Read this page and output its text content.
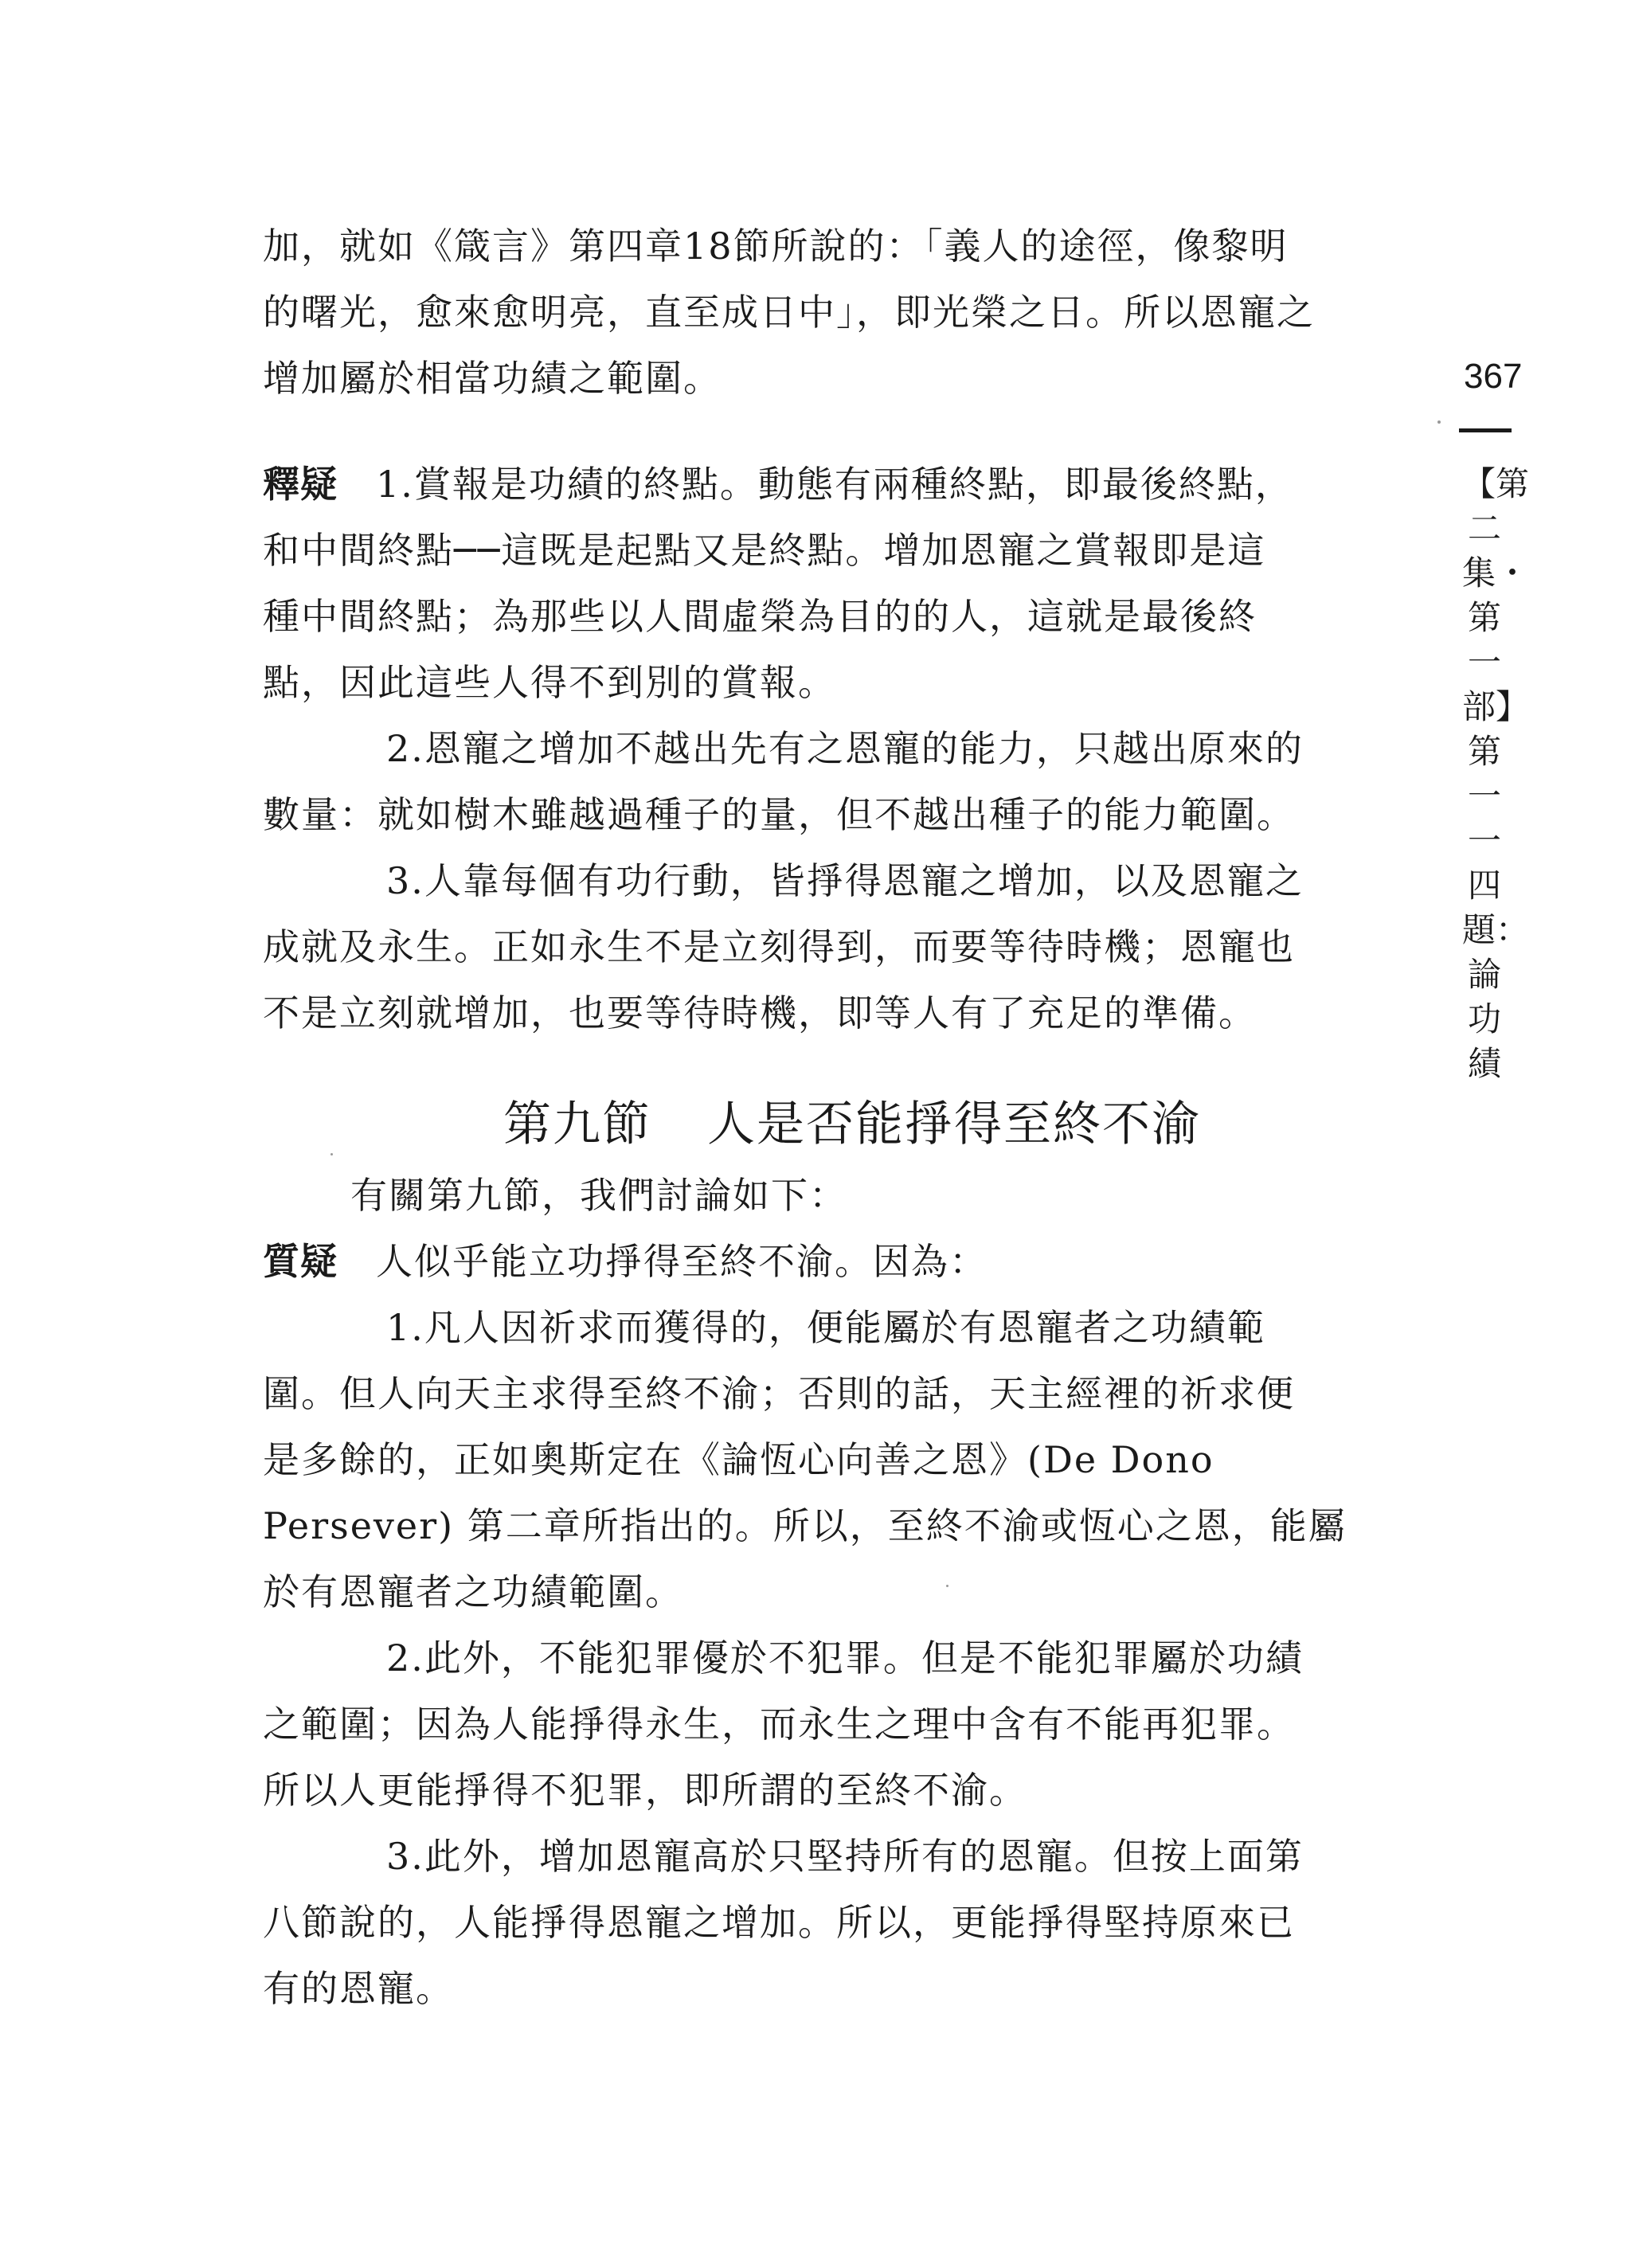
367
【第二集・第一部】第一一四題：論功績
加，就如《箴言》第四章18節所說的：「義人的途徑，像黎明
的曙光，愈來愈明亮，直至成日中」，即光榮之日。所以恩寵之
增加屬於相當功績之範圍。
釋疑 1.賞報是功績的終點。動態有兩種終點，即最後終點，
和中間終點──這既是起點又是終點。增加恩寵之賞報即是這
種中間終點；為那些以人間虛榮為目的的人，這就是最後終
點，因此這些人得不到別的賞報。
2.恩寵之增加不越出先有之恩寵的能力，只越出原來的
數量：就如樹木雖越過種子的量，但不越出種子的能力範圍。
3.人靠每個有功行動，皆掙得恩寵之增加，以及恩寵之
成就及永生。正如永生不是立刻得到，而要等待時機；恩寵也
不是立刻就增加，也要等待時機，即等人有了充足的準備。
第九節 人是否能掙得至終不渝
有關第九節，我們討論如下：
質疑 人似乎能立功掙得至終不渝。因為：
1.凡人因祈求而獲得的，便能屬於有恩寵者之功績範
圍。但人向天主求得至終不渝；否則的話，天主經裡的祈求便
是多餘的，正如奧斯定在《論恆心向善之恩》(De Dono
Persever) 第二章所指出的。所以，至終不渝或恆心之恩，能屬
於有恩寵者之功績範圍。
2.此外，不能犯罪優於不犯罪。但是不能犯罪屬於功績
之範圍；因為人能掙得永生，而永生之理中含有不能再犯罪。
所以人更能掙得不犯罪，即所謂的至終不渝。
3.此外，增加恩寵高於只堅持所有的恩寵。但按上面第
八節說的，人能掙得恩寵之增加。所以，更能掙得堅持原來已
有的恩寵。
